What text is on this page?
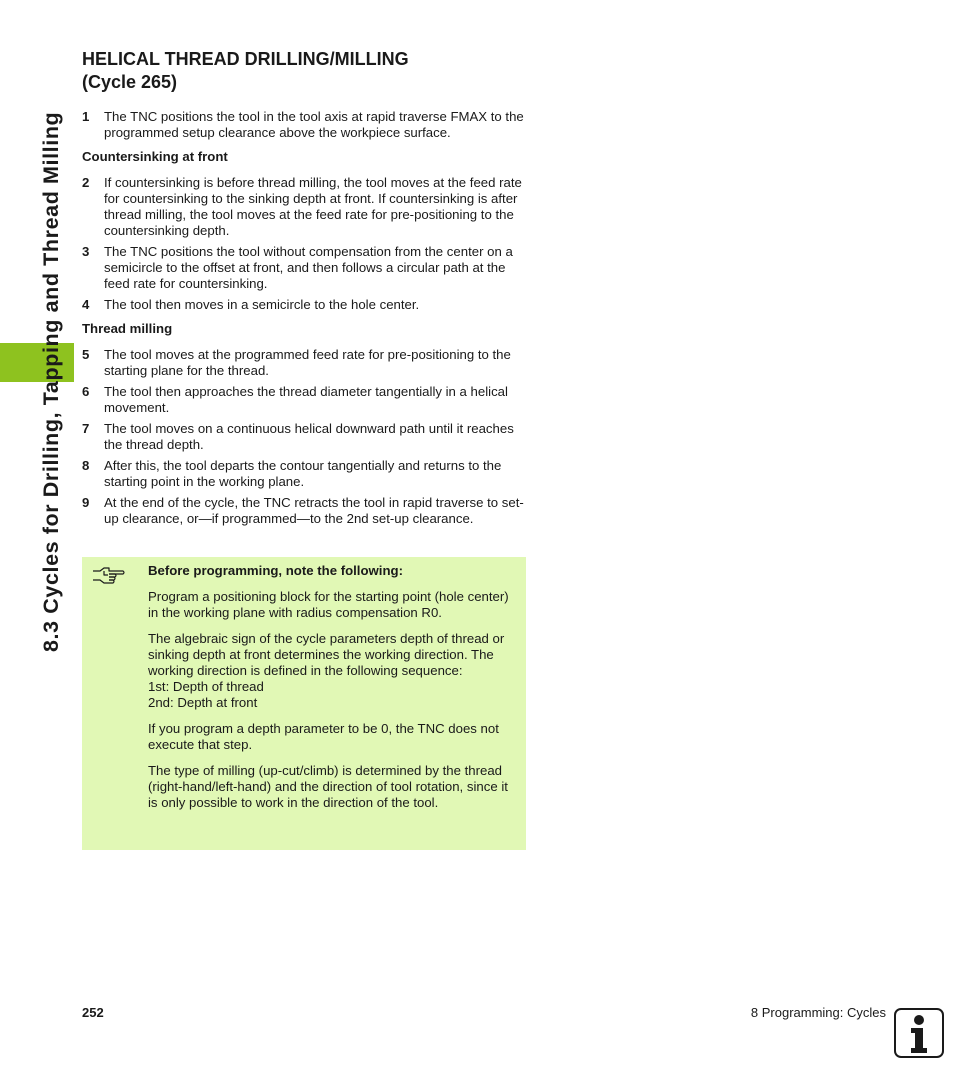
8.3 Cycles for Drilling, Tapping and Thread Milling
HELICAL THREAD DRILLING/MILLING
(Cycle 265)
1	The TNC positions the tool in the tool axis at rapid traverse FMAX to the programmed setup clearance above the workpiece surface.
Countersinking at front
2	If countersinking is before thread milling, the tool moves at the feed rate for countersinking to the sinking depth at front. If countersinking is after thread milling, the tool moves at the feed rate for pre-positioning to the countersinking depth.
3	The TNC positions the tool without compensation from the center on a semicircle to the offset at front, and then follows a circular path at the feed rate for countersinking.
4	The tool then moves in a semicircle to the hole center.
Thread milling
5	The tool moves at the programmed feed rate for pre-positioning to the starting plane for the thread.
6	The tool then approaches the thread diameter tangentially in a helical movement.
7	The tool moves on a continuous helical downward path until it reaches the thread depth.
8	After this, the tool departs the contour tangentially and returns to the starting point in the working plane.
9	At the end of the cycle, the TNC retracts the tool in rapid traverse to set-up clearance, or—if programmed—to the 2nd set-up clearance.

Before programming, note the following:

Program a positioning block for the starting point (hole center) in the working plane with radius compensation R0.

The algebraic sign of the cycle parameters depth of thread or sinking depth at front determines the working direction. The working direction is defined in the following sequence:
1st: Depth of thread
2nd: Depth at front

If you program a depth parameter to be 0, the TNC does not execute that step.

The type of milling (up-cut/climb) is determined by the thread (right-hand/left-hand) and the direction of tool rotation, since it is only possible to work in the direction of the tool.

252	8 Programming: Cycles
